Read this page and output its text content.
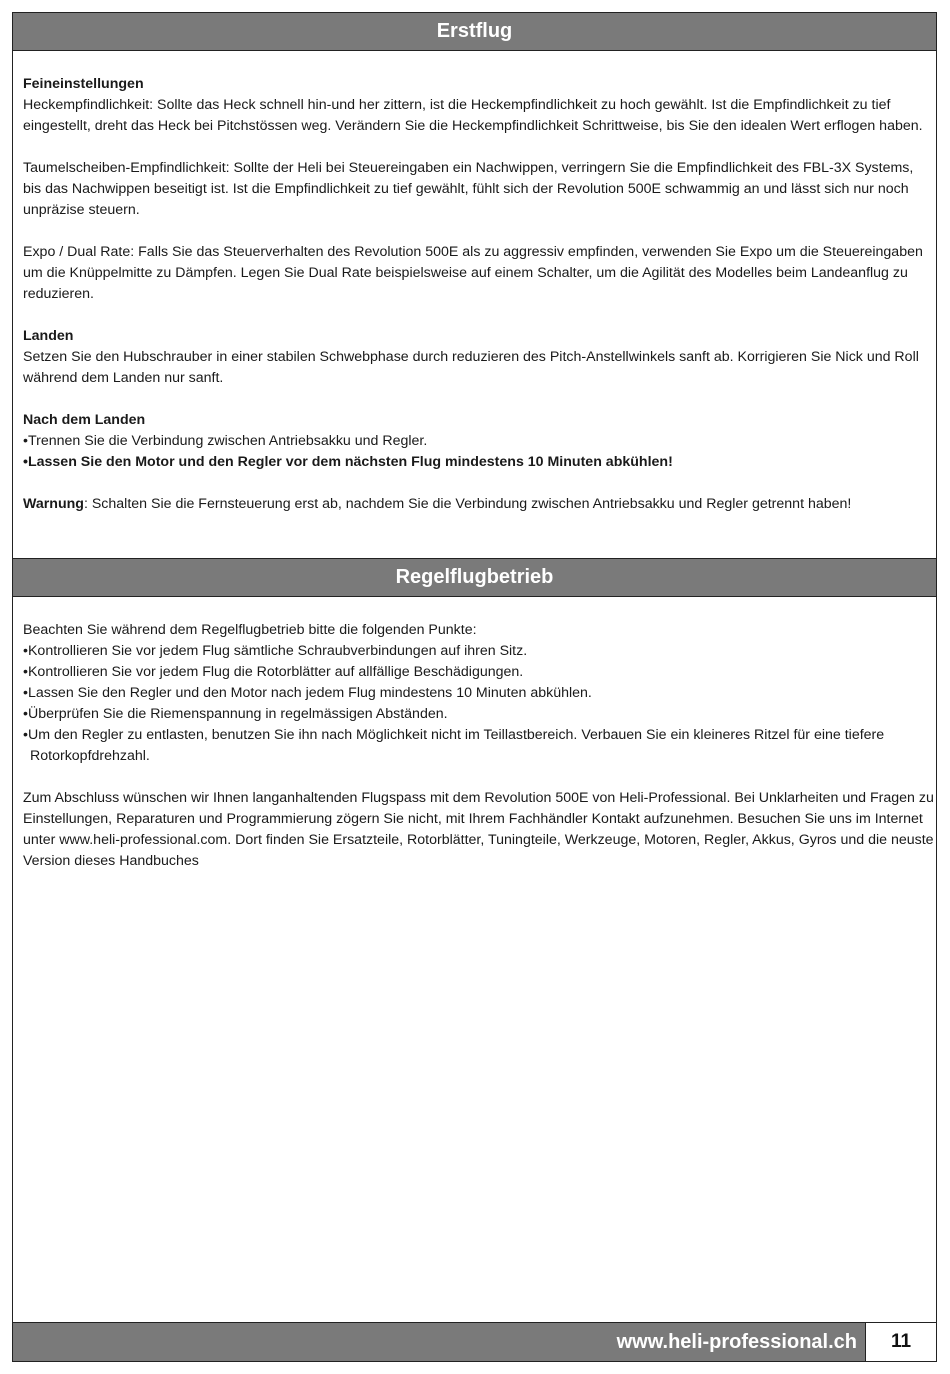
Erstflug

Feineinstellungen

Heckempfindlichkeit: Sollte das Heck schnell hin-und her zittern, ist die Heckempfindlichkeit zu hoch gewählt. Ist die Empfindlichkeit zu tief eingestellt, dreht das Heck bei Pitchstössen weg. Verändern Sie die Heckempfindlichkeit Schrittweise, bis Sie den idealen Wert erflogen haben.

Taumelscheiben-Empfindlichkeit: Sollte der Heli bei Steuereingaben ein Nachwippen, verringern Sie die Empfindlichkeit des FBL-3X Systems, bis das Nachwippen beseitigt ist. Ist die Empfindlichkeit zu tief gewählt, fühlt sich der Revolution 500E schwammig an und lässt sich nur noch unpräzise steuern.

Expo / Dual Rate: Falls Sie das Steuerverhalten des Revolution 500E als zu aggressiv empfinden, verwenden Sie Expo um die Steuereingaben um die Knüppelmitte zu Dämpfen. Legen Sie Dual Rate beispielsweise auf einem Schalter, um die Agilität des Modelles beim Landeanflug zu reduzieren.

Landen

Setzen Sie den Hubschrauber in einer stabilen Schwebphase durch reduzieren des Pitch-Anstellwinkels sanft ab. Korrigieren Sie Nick und Roll während dem Landen nur sanft.

Nach dem Landen

•Trennen Sie die Verbindung zwischen Antriebsakku und Regler.

•Lassen Sie den Motor und den Regler vor dem nächsten Flug mindestens 10 Minuten abkühlen!

Warnung: Schalten Sie die Fernsteuerung erst ab, nachdem Sie die Verbindung zwischen Antriebsakku und Regler getrennt haben!

Regelflugbetrieb

Beachten Sie während dem Regelflugbetrieb bitte die folgenden Punkte:

•Kontrollieren Sie vor jedem Flug sämtliche Schraubverbindungen auf ihren Sitz.

•Kontrollieren Sie vor jedem Flug die Rotorblätter auf allfällige Beschädigungen.

•Lassen Sie den Regler und den Motor nach jedem Flug mindestens 10 Minuten abkühlen.

•Überprüfen Sie die Riemenspannung in regelmässigen Abständen.

•Um den Regler zu entlasten, benutzen Sie ihn nach Möglichkeit nicht im Teillastbereich. Verbauen Sie ein kleineres Ritzel für eine tiefere Rotorkopfdrehzahl.

Zum Abschluss wünschen wir Ihnen langanhaltenden Flugspass mit dem Revolution 500E von Heli-Professional. Bei Unklarheiten und Fragen zu Einstellungen, Reparaturen und Programmierung zögern Sie nicht, mit Ihrem Fachhändler Kontakt aufzunehmen. Besuchen Sie uns im Internet unter www.heli-professional.com. Dort finden Sie Ersatzteile, Rotorblätter, Tuningteile, Werkzeuge, Motoren, Regler, Akkus, Gyros und die neuste Version dieses Handbuches

www.heli-professional.ch	11
